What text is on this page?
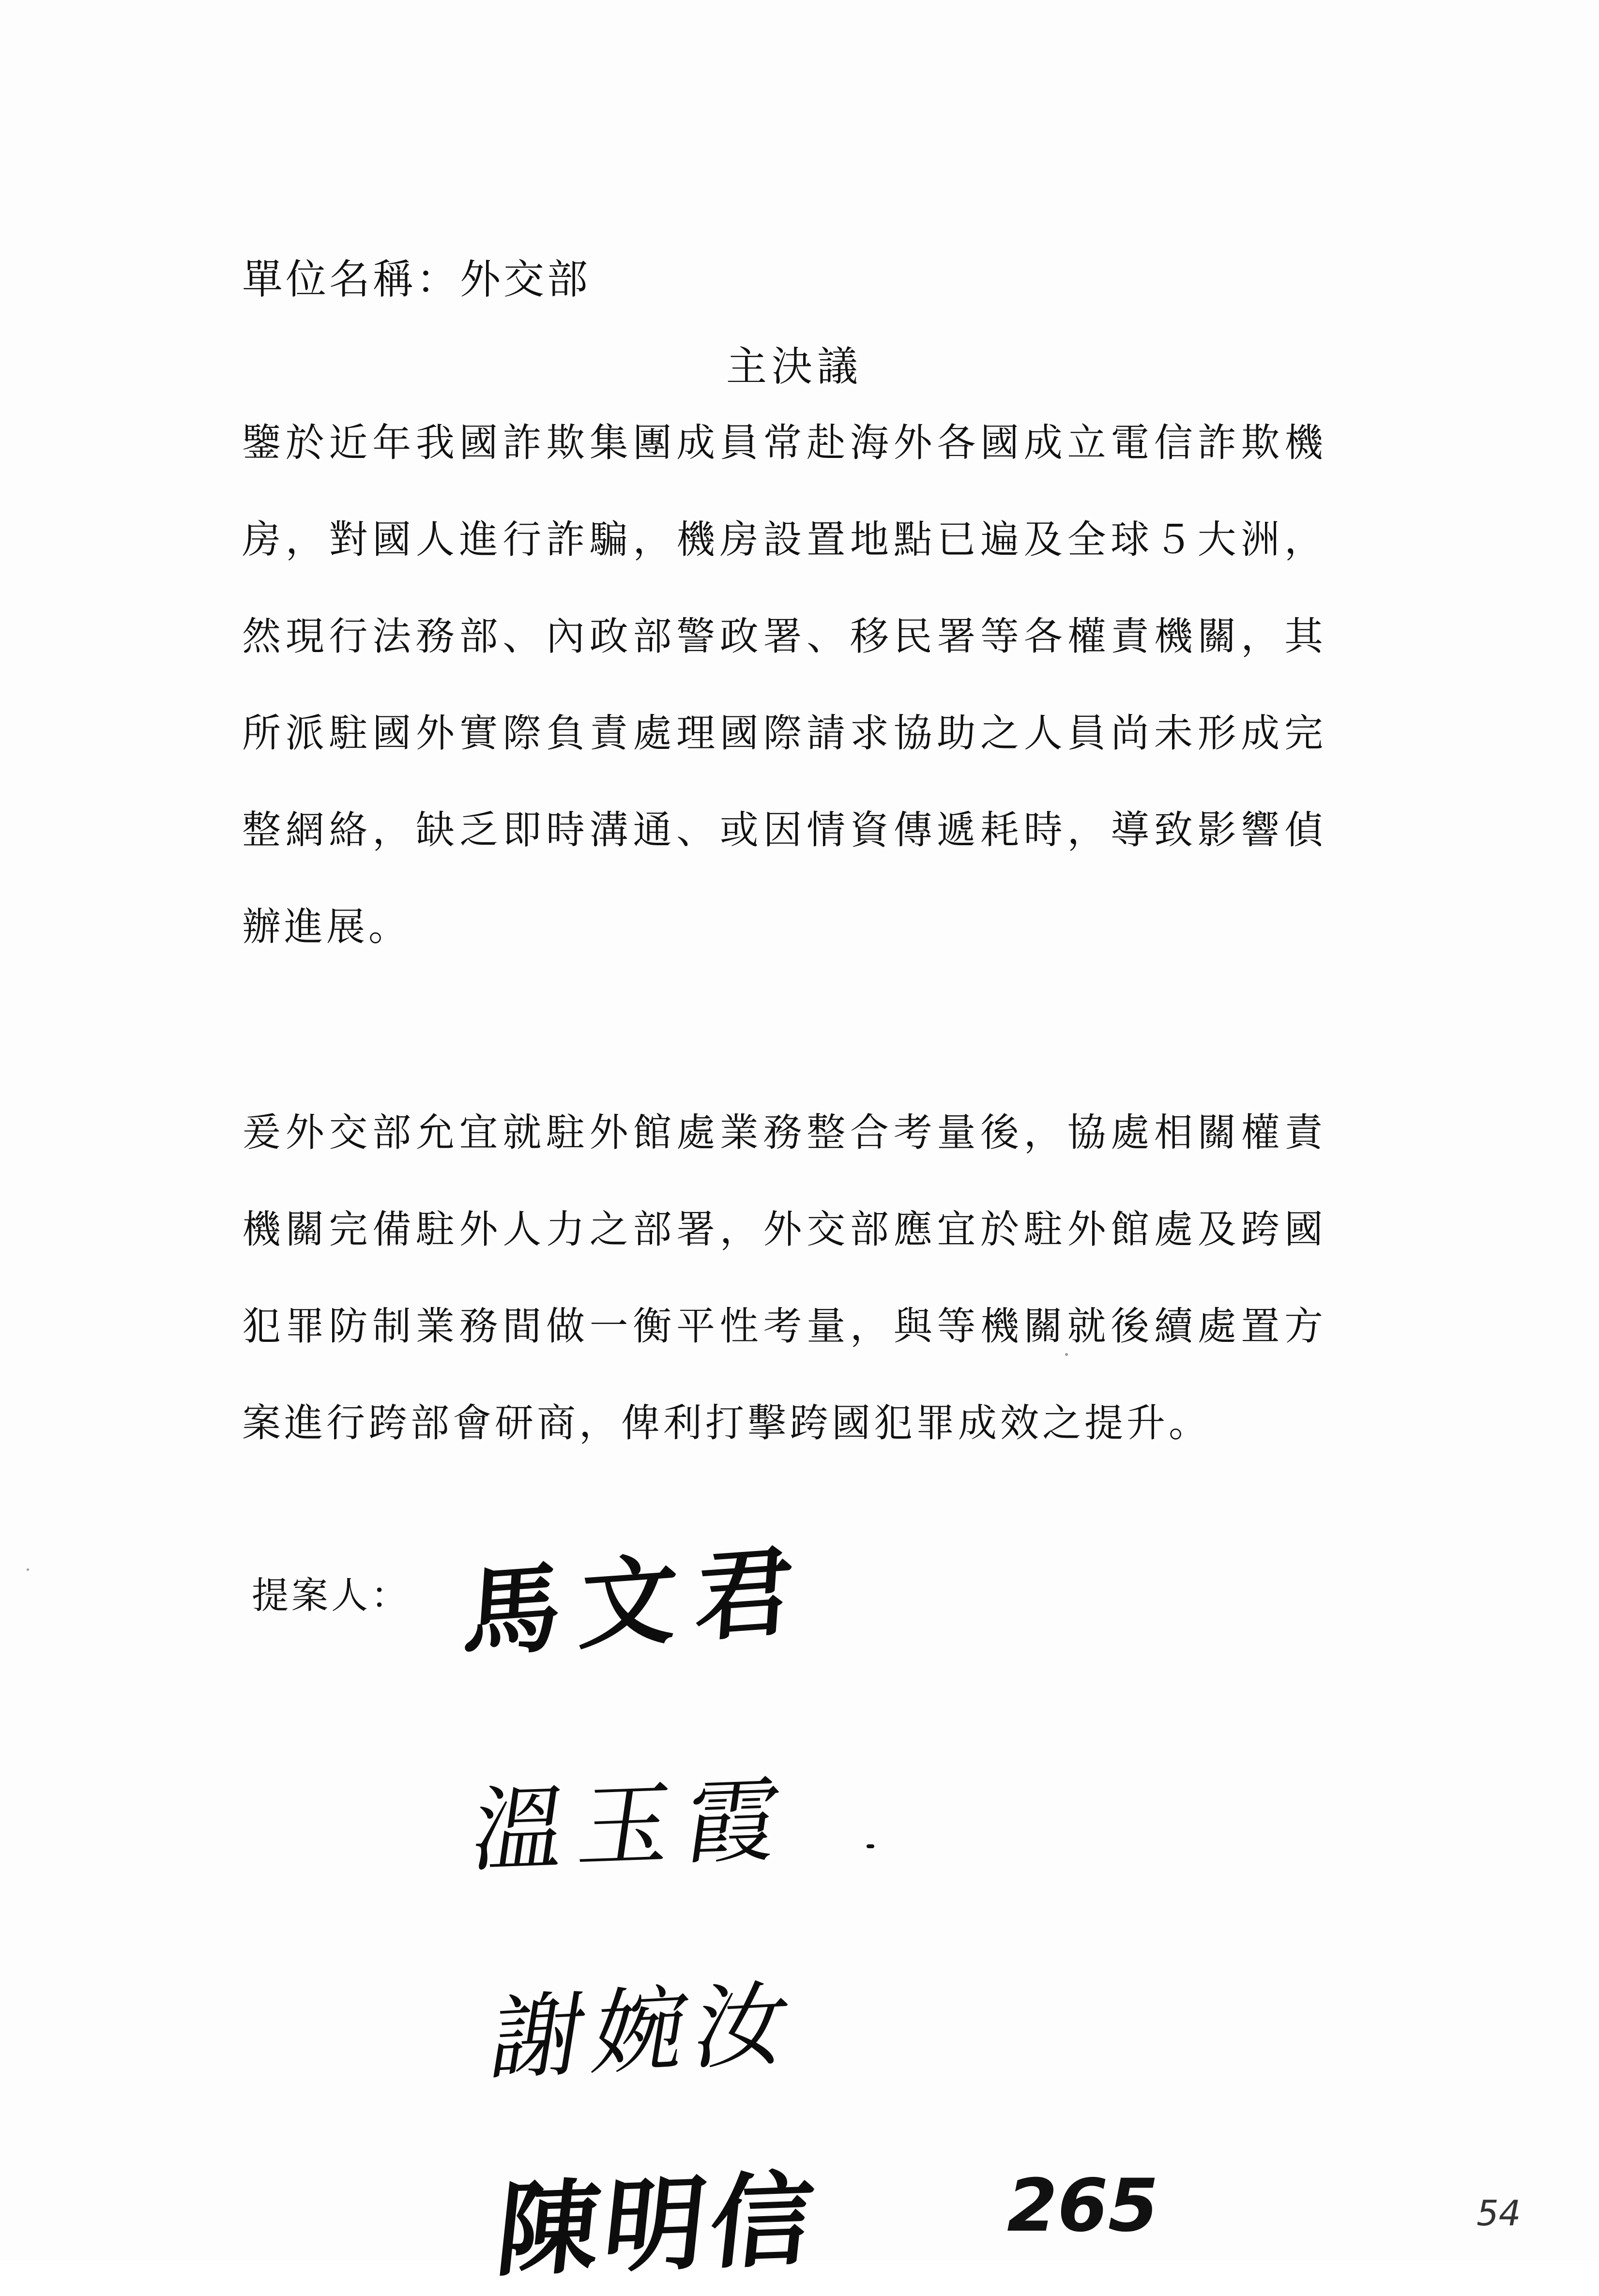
單位名稱：外交部
主決議
鑒於近年我國詐欺集團成員常赴海外各國成立電信詐欺機房，對國人進行詐騙，機房設置地點已遍及全球５大洲，然現行法務部、內政部警政署、移民署等各權責機關，其所派駐國外實際負責處理國際請求協助之人員尚未形成完整網絡，缺乏即時溝通、或因情資傳遞耗時，導致影響偵辦進展。
爰外交部允宜就駐外館處業務整合考量後，協處相關權責機關完備駐外人力之部署，外交部應宜於駐外館處及跨國犯罪防制業務間做一衡平性考量，與等機關就後續處置方案進行跨部會研商，俾利打擊跨國犯罪成效之提升。
提案人： 馬文君
溫玉霞
謝婉汝
陳明信	265	54
